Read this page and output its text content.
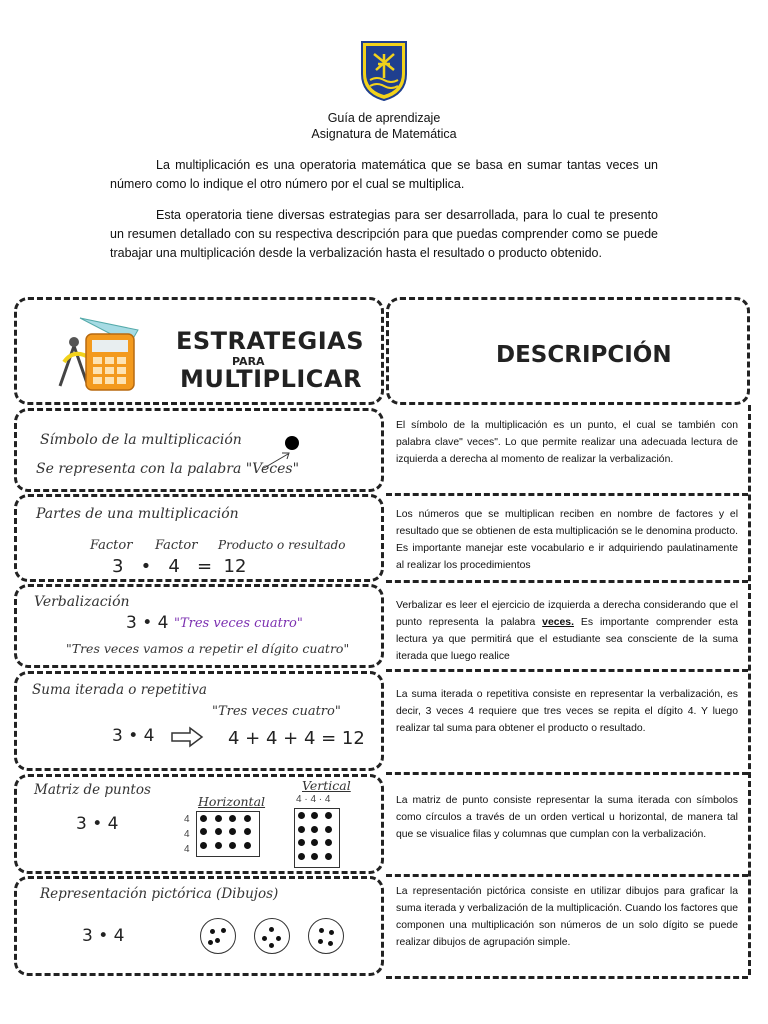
Guía de aprendizaje
Asignatura de Matemática
La multiplicación es una operatoria matemática que se basa en sumar tantas veces un número como lo indique el otro número por el cual se multiplica.
Esta operatoria tiene diversas estrategias para ser desarrollada, para lo cual te presento un resumen detallado con su respectiva descripción para que puedas comprender como se puede trabajar una multiplicación desde la verbalización hasta el resultado o producto obtenido.
ESTRATEGIAS
PARA
MULTIPLICAR
DESCRIPCIÓN
Símbolo de la multiplicación
Se representa con la palabra "Veces"
El símbolo de la multiplicación es un punto, el cual se también con palabra clave" veces". Lo que permite realizar una adecuada lectura de izquierda a derecha al momento de realizar la verbalización.
Partes de una multiplicación
Factor Factor Producto o resultado
3   •   4   =  12
Los números que se multiplican reciben en nombre de factores y el resultado que se obtienen de esta multiplicación se le denomina producto. Es importante manejar este vocabulario e ir adquiriendo paulatinamente al realizar los procedimientos
Verbalización
3 • 4 "Tres veces cuatro"
"Tres veces vamos a repetir el dígito cuatro"
Verbalizar es leer el ejercicio de izquierda a derecha considerando que el punto representa la palabra veces. Es importante comprender esta lectura ya que permitirá que el estudiante sea consciente de la suma iterada que luego realice
Suma iterada o repetitiva
"Tres veces cuatro"
3 • 4	4 + 4 + 4 = 12
La suma iterada o repetitiva consiste en representar la verbalización, es decir, 3 veces 4 requiere que tres veces se repita el dígito 4. Y luego realizar tal suma para obtener el producto o resultado.
Matriz de puntos
3 • 4
Horizontal
4
4
4
Vertical
4 · 4 · 4	La matriz de punto consiste representar la suma iterada con símbolos como círculos a través de un orden vertical u horizontal, de manera tal que se visualice filas y columnas que cumplan con la verbalización.
Representación pictórica (Dibujos)
3 • 4
La representación pictórica consiste en utilizar dibujos para graficar la suma iterada y verbalización de la multiplicación. Cuando los factores que componen una multiplicación son números de un solo dígito se puede realizar dibujos de agrupación simple.
